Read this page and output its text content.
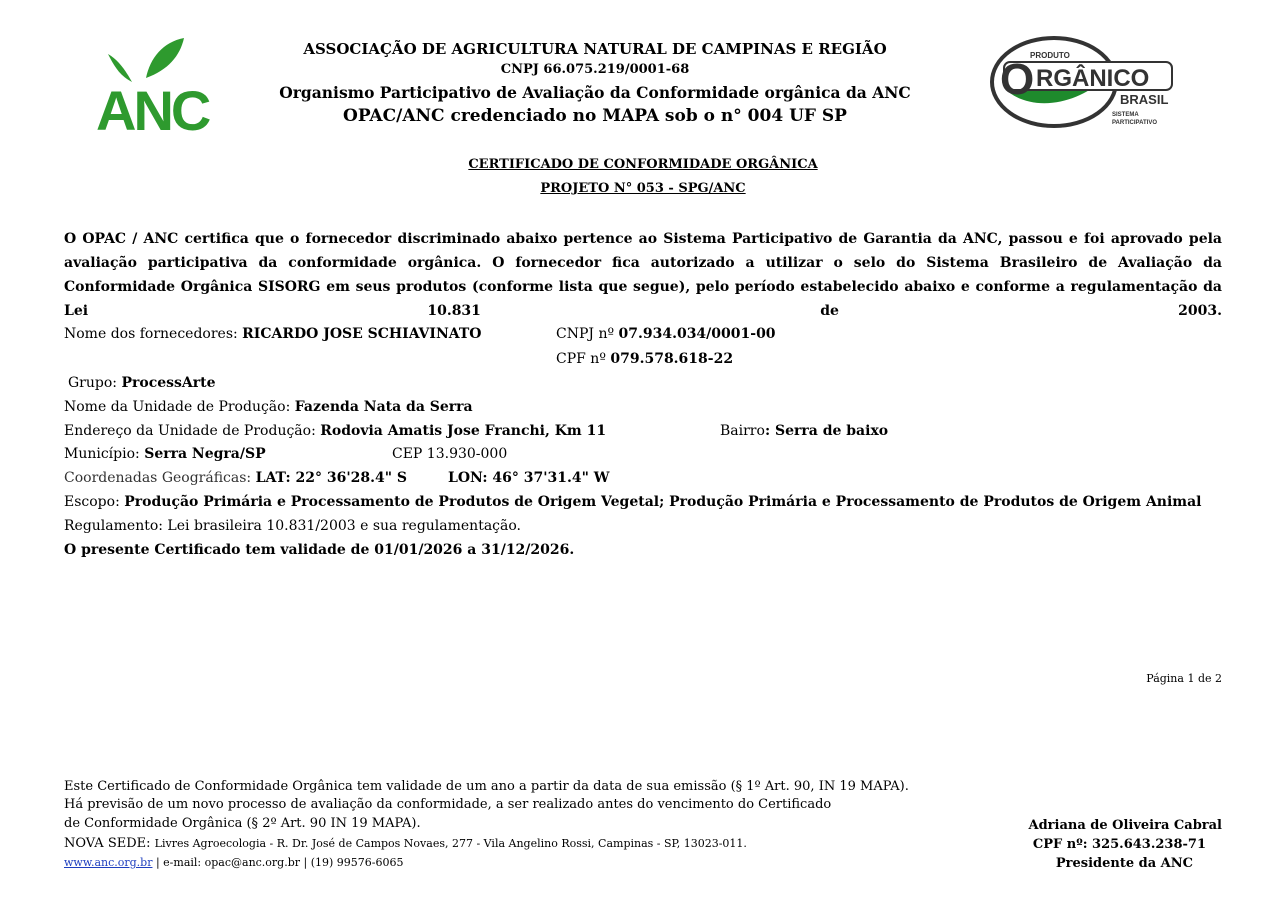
ANC
PRODUTO
O RGÂNICO
BRASIL
SISTEMA
PARTICIPATIVO
ASSOCIAÇÃO DE AGRICULTURA NATURAL DE CAMPINAS E REGIÃO
CNPJ 66.075.219/0001-68
Organismo Participativo de Avaliação da Conformidade orgânica da ANC
OPAC/ANC credenciado no MAPA sob o n° 004 UF SP
CERTIFICADO DE CONFORMIDADE ORGÂNICA
PROJETO N° 053 - SPG/ANC
O OPAC / ANC certifica que o fornecedor discriminado abaixo pertence ao Sistema Participativo de Garantia da ANC, passou e foi aprovado pela avaliação participativa da conformidade orgânica. O fornecedor fica autorizado a utilizar o selo do Sistema Brasileiro de Avaliação da Conformidade Orgânica SISORG em seus produtos (conforme lista que segue), pelo período estabelecido abaixo e conforme a regulamentação da Lei 10.831 de 2003.
Nome dos fornecedores: RICARDO JOSE SCHIAVINATO	CNPJ nº 07.934.034/0001-00
CPF nº 079.578.618-22
Grupo: ProcessArte
Nome da Unidade de Produção: Fazenda Nata da Serra
Endereço da Unidade de Produção: Rodovia Amatis Jose Franchi, Km 11	Bairro: Serra de baixo
Município: Serra Negra/SP	CEP 13.930-000
Coordenadas Geográficas: LAT: 22° 36'28.4" S	LON: 46° 37'31.4" W
Escopo: Produção Primária e Processamento de Produtos de Origem Vegetal; Produção Primária e Processamento de Produtos de Origem Animal
Regulamento: Lei brasileira 10.831/2003 e sua regulamentação.
O presente Certificado tem validade de 01/01/2026 a 31/12/2026.
Página 1 de 2
Este Certificado de Conformidade Orgânica tem validade de um ano a partir da data de sua emissão (§ 1º Art. 90, IN 19 MAPA).
Há previsão de um novo processo de avaliação da conformidade, a ser realizado antes do vencimento do Certificado
de Conformidade Orgânica (§ 2º Art. 90 IN 19 MAPA).
NOVA SEDE: Livres Agroecologia - R. Dr. José de Campos Novaes, 277 - Vila Angelino Rossi, Campinas - SP, 13023-011.
www.anc.org.br | e-mail: opac@anc.org.br | (19) 99576-6065
Adriana de Oliveira Cabral
CPF nº: 325.643.238-71
Presidente da ANC
